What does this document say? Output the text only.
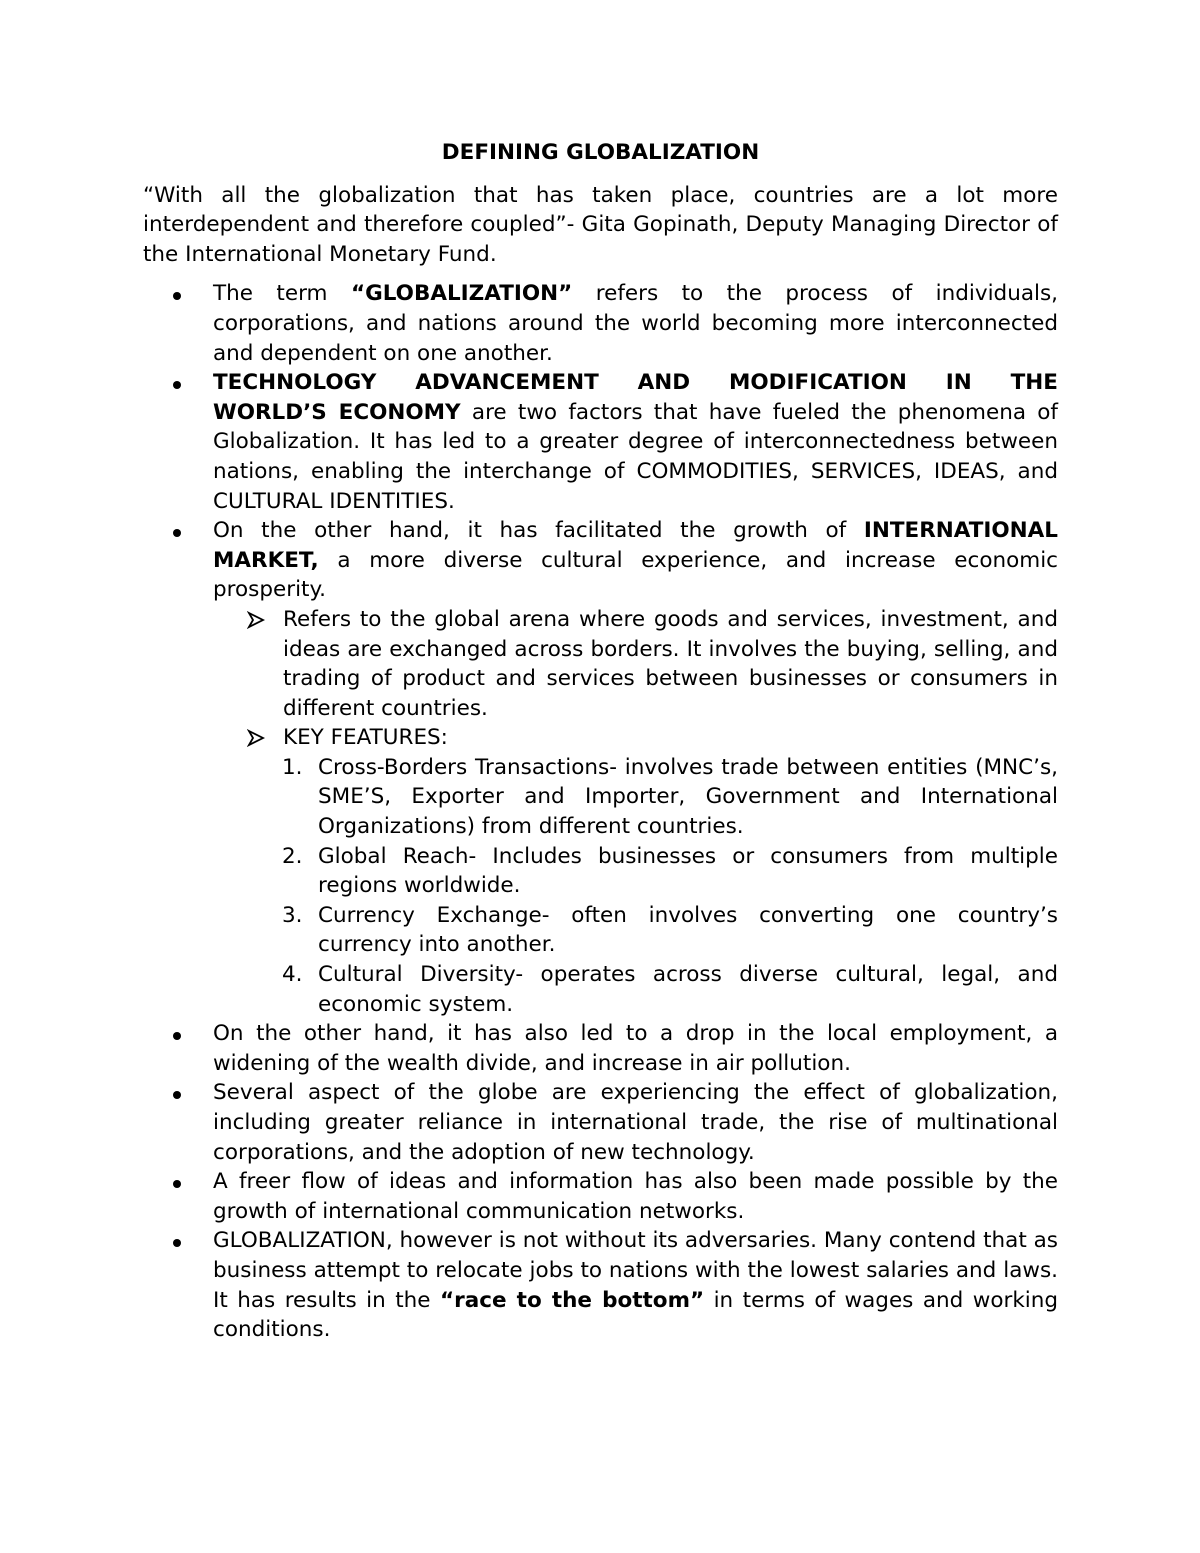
DEFINING GLOBALIZATION

“With all the globalization that has taken place, countries are a lot more interdependent and therefore coupled”- Gita Gopinath, Deputy Managing Director of the International Monetary Fund.

The term “GLOBALIZATION” refers to the process of individuals, corporations, and nations around the world becoming more interconnected and dependent on one another.
TECHNOLOGY ADVANCEMENT AND MODIFICATION IN THE
WORLD’S ECONOMY are two factors that have fueled the phenomena of Globalization. It has led to a greater degree of interconnectedness between nations, enabling the interchange of COMMODITIES, SERVICES, IDEAS, and CULTURAL IDENTITIES.
On the other hand, it has facilitated the growth of INTERNATIONAL MARKET, a more diverse cultural experience, and increase economic prosperity.
Refers to the global arena where goods and services, investment, and ideas are exchanged across borders. It involves the buying, selling, and trading of product and services between businesses or consumers in different countries.
KEY FEATURES:
1. Cross-Borders Transactions- involves trade between entities (MNC’s, SME’S, Exporter and Importer, Government and International Organizations) from different countries.
2. Global Reach- Includes businesses or consumers from multiple regions worldwide.
3. Currency Exchange- often involves converting one country’s currency into another.
4. Cultural Diversity- operates across diverse cultural, legal, and economic system.
On the other hand, it has also led to a drop in the local employment, a widening of the wealth divide, and increase in air pollution.
Several aspect of the globe are experiencing the effect of globalization, including greater reliance in international trade, the rise of multinational corporations, and the adoption of new technology.
A freer flow of ideas and information has also been made possible by the growth of international communication networks.
GLOBALIZATION, however is not without its adversaries. Many contend that as business attempt to relocate jobs to nations with the lowest salaries and laws. It has results in the “race to the bottom” in terms of wages and working conditions.
